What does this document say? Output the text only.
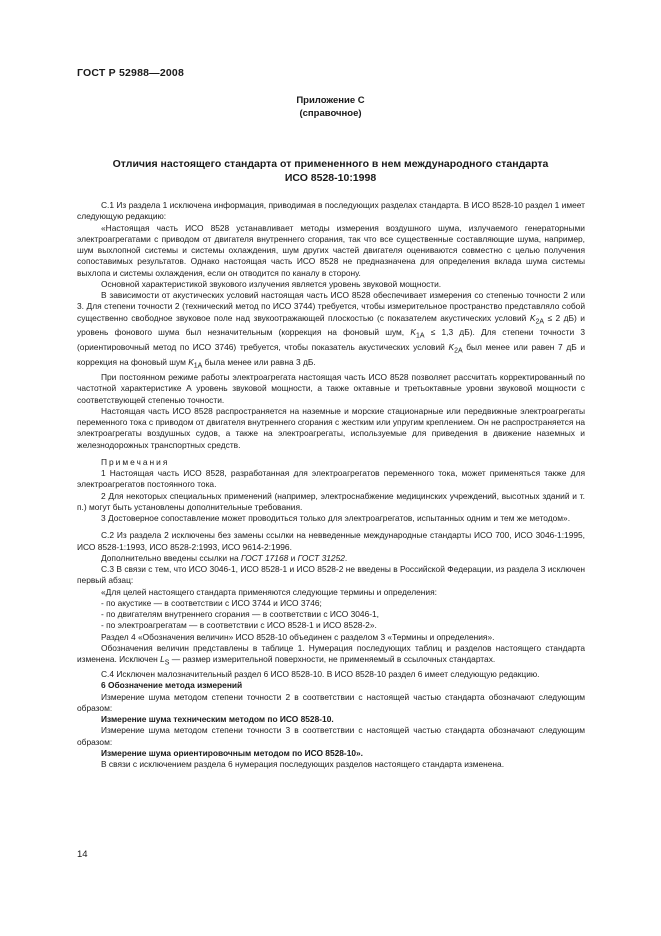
ГОСТ Р 52988—2008
Приложение С
(справочное)
Отличия настоящего стандарта от примененного в нем международного стандарта
ИСО 8528-10:1998

С.1 Из раздела 1 исключена информация, приводимая в последующих разделах стандарта. В ИСО 8528-10 раздел 1 имеет следующую редакцию:

«Настоящая часть ИСО 8528 устанавливает методы измерения воздушного шума, излучаемого генераторными электроагрегатами с приводом от двигателя внутреннего сгорания, так что все существенные составляющие шума, например, шум выхлопной системы и системы охлаждения, шум других частей двигателя оцениваются совместно с целью получения сопоставимых результатов. Однако настоящая часть ИСО 8528 не предназначена для определения вклада шума системы выхлопа и системы охлаждения, если он отводится по каналу в сторону.

Основной характеристикой звукового излучения является уровень звуковой мощности.

В зависимости от акустических условий настоящая часть ИСО 8528 обеспечивает измерения со степенью точности 2 или 3. Для степени точности 2 (технический метод по ИСО 3744) требуется, чтобы измерительное пространство представляло собой существенно свободное звуковое поле над звукоотражающей плоскостью (с показателем акустических условий $K_{2A} \le 2$ дБ) и уровень фонового шума был незначительным (коррекция на фоновый шум, $K_{1A} \le 1,3$ дБ). Для степени точности 3 (ориентировочный метод по ИСО 3746) требуется, чтобы показатель акустических условий $K_{2A}$ был менее или равен 7 дБ и коррекция на фоновый шум $K_{1A}$ была менее или равна 3 дБ.

При постоянном режиме работы электроагрегата настоящая часть ИСО 8528 позволяет рассчитать корректированный по частотной характеристике А уровень звуковой мощности, а также октавные и третьоктавные уровни звуковой мощности с соответствующей степенью точности.

Настоящая часть ИСО 8528 распространяется на наземные и морские стационарные или передвижные электроагрегаты переменного тока с приводом от двигателя внутреннего сгорания с жестким или упругим креплением. Он не распространяется на электроагрегаты воздушных судов, а также на электроагрегаты, используемые для приведения в движение наземных и железнодорожных транспортных средств.

Примечания

1 Настоящая часть ИСО 8528, разработанная для электроагрегатов переменного тока, может применяться также для электроагрегатов постоянного тока.

2 Для некоторых специальных применений (например, электроснабжение медицинских учреждений, высотных зданий и т. п.) могут быть установлены дополнительные требования.

3 Достоверное сопоставление может проводиться только для электроагрегатов, испытанных одним и тем же методом».

С.2 Из раздела 2 исключены без замены ссылки на невведенные международные стандарты ИСО 700, ИСО 3046-1:1995, ИСО 8528-1:1993, ИСО 8528-2:1993, ИСО 9614-2:1996.

Дополнительно введены ссылки на ГОСТ 17168 и ГОСТ 31252.

С.3 В связи с тем, что ИСО 3046-1, ИСО 8528-1 и ИСО 8528-2 не введены в Российской Федерации, из раздела 3 исключен первый абзац:

«Для целей настоящего стандарта применяются следующие термины и определения:

- по акустике — в соответствии с ИСО 3744 и ИСО 3746;

- по двигателям внутреннего сгорания — в соответствии с ИСО 3046-1,

- по электроагрегатам — в соответствии с ИСО 8528-1 и ИСО 8528-2».

Раздел 4 «Обозначения величин» ИСО 8528-10 объединен с разделом 3 «Термины и определения».

Обозначения величин представлены в таблице 1. Нумерация последующих таблиц и разделов настоящего стандарта изменена. Исключен $L_S$ — размер измерительной поверхности, не применяемый в ссылочных стандартах.

С.4 Исключен малозначительный раздел 6 ИСО 8528-10. В ИСО 8528-10 раздел 6 имеет следующую редакцию.

6 Обозначение метода измерений

Измерение шума методом степени точности 2 в соответствии с настоящей частью стандарта обозначают следующим образом:

Измерение шума техническим методом по ИСО 8528-10.

Измерение шума методом степени точности 3 в соответствии с настоящей частью стандарта обозначают следующим образом:

Измерение шума ориентировочным методом по ИСО 8528-10».

В связи с исключением раздела 6 нумерация последующих разделов настоящего стандарта изменена.

14
